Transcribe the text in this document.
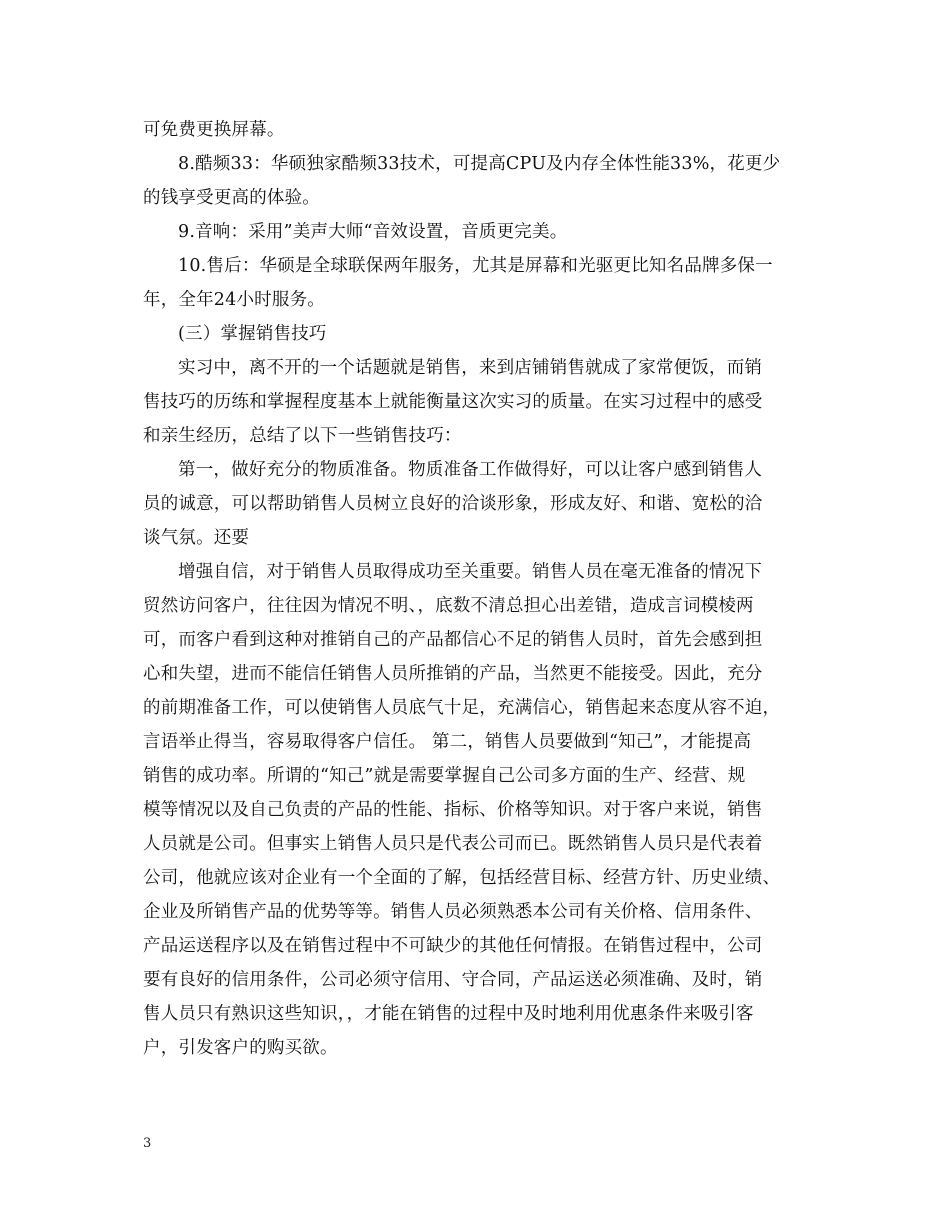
可免费更换屏幕。
8.酷频33：华硕独家酷频33技术，可提高CPU及内存全体性能33%，花更少
的钱享受更高的体验。
9.音响：采用”美声大师“音效设置，音质更完美。
10.售后：华硕是全球联保两年服务，尤其是屏幕和光驱更比知名品牌多保一
年，全年24小时服务。
(三）掌握销售技巧
实习中，离不开的一个话题就是销售，来到店铺销售就成了家常便饭，而销
售技巧的历练和掌握程度基本上就能衡量这次实习的质量。在实习过程中的感受
和亲生经历，总结了以下一些销售技巧：
第一，做好充分的物质准备。物质准备工作做得好，可以让客户感到销售人
员的诚意，可以帮助销售人员树立良好的洽谈形象，形成友好、和谐、宽松的洽
谈气氛。还要
增强自信，对于销售人员取得成功至关重要。销售人员在毫无准备的情况下
贸然访问客户，往往因为情况不明、，底数不清总担心出差错，造成言词模棱两
可，而客户看到这种对推销自己的产品都信心不足的销售人员时，首先会感到担
心和失望，进而不能信任销售人员所推销的产品，当然更不能接受。因此，充分
的前期准备工作，可以使销售人员底气十足，充满信心，销售起来态度从容不迫，
言语举止得当，容易取得客户信任。 第二，销售人员要做到“知己”，才能提高
销售的成功率。所谓的“知己”就是需要掌握自己公司多方面的生产、经营、规
模等情况以及自己负责的产品的性能、指标、价格等知识。对于客户来说，销售
人员就是公司。但事实上销售人员只是代表公司而已。既然销售人员只是代表着
公司，他就应该对企业有一个全面的了解，包括经营目标、经营方针、历史业绩、
企业及所销售产品的优势等等。销售人员必须熟悉本公司有关价格、信用条件、
产品运送程序以及在销售过程中不可缺少的其他任何情报。在销售过程中，公司
要有良好的信用条件，公司必须守信用、守合同，产品运送必须准确、及时，销
售人员只有熟识这些知识，，才能在销售的过程中及时地利用优惠条件来吸引客
户，引发客户的购买欲。
3
